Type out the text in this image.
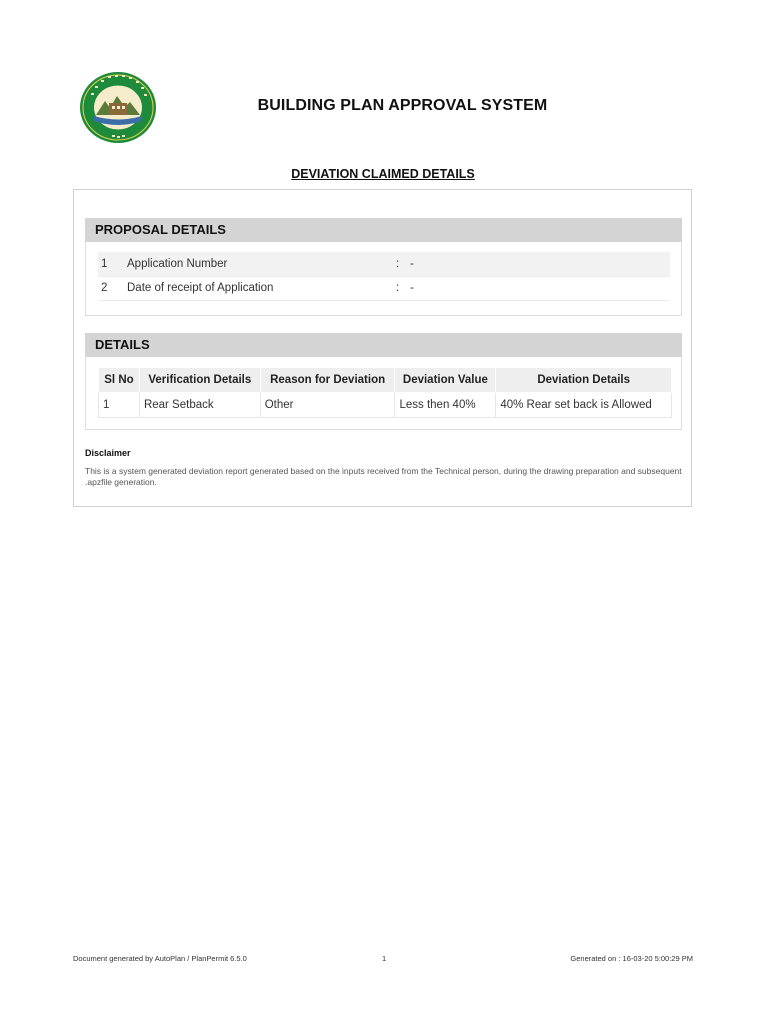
BUILDING PLAN APPROVAL SYSTEM
DEVIATION CLAIMED DETAILS
PROPOSAL DETAILS
1 Application Number	: -
2 Date of receipt of Application	: -
DETAILS
Sl No	Verification Details	Reason for Deviation	Deviation Value	Deviation Details
1	Rear Setback	Other	Less then 40%	40% Rear set back is Allowed
Disclaimer
This is a system generated deviation report generated based on the inputs received from the Technical person, during the drawing preparation and subsequent .apzfile generation.
Document generated by AutoPlan / PlanPermit 6.5.0	1	Generated on : 16-03-20 5:00:29 PM
